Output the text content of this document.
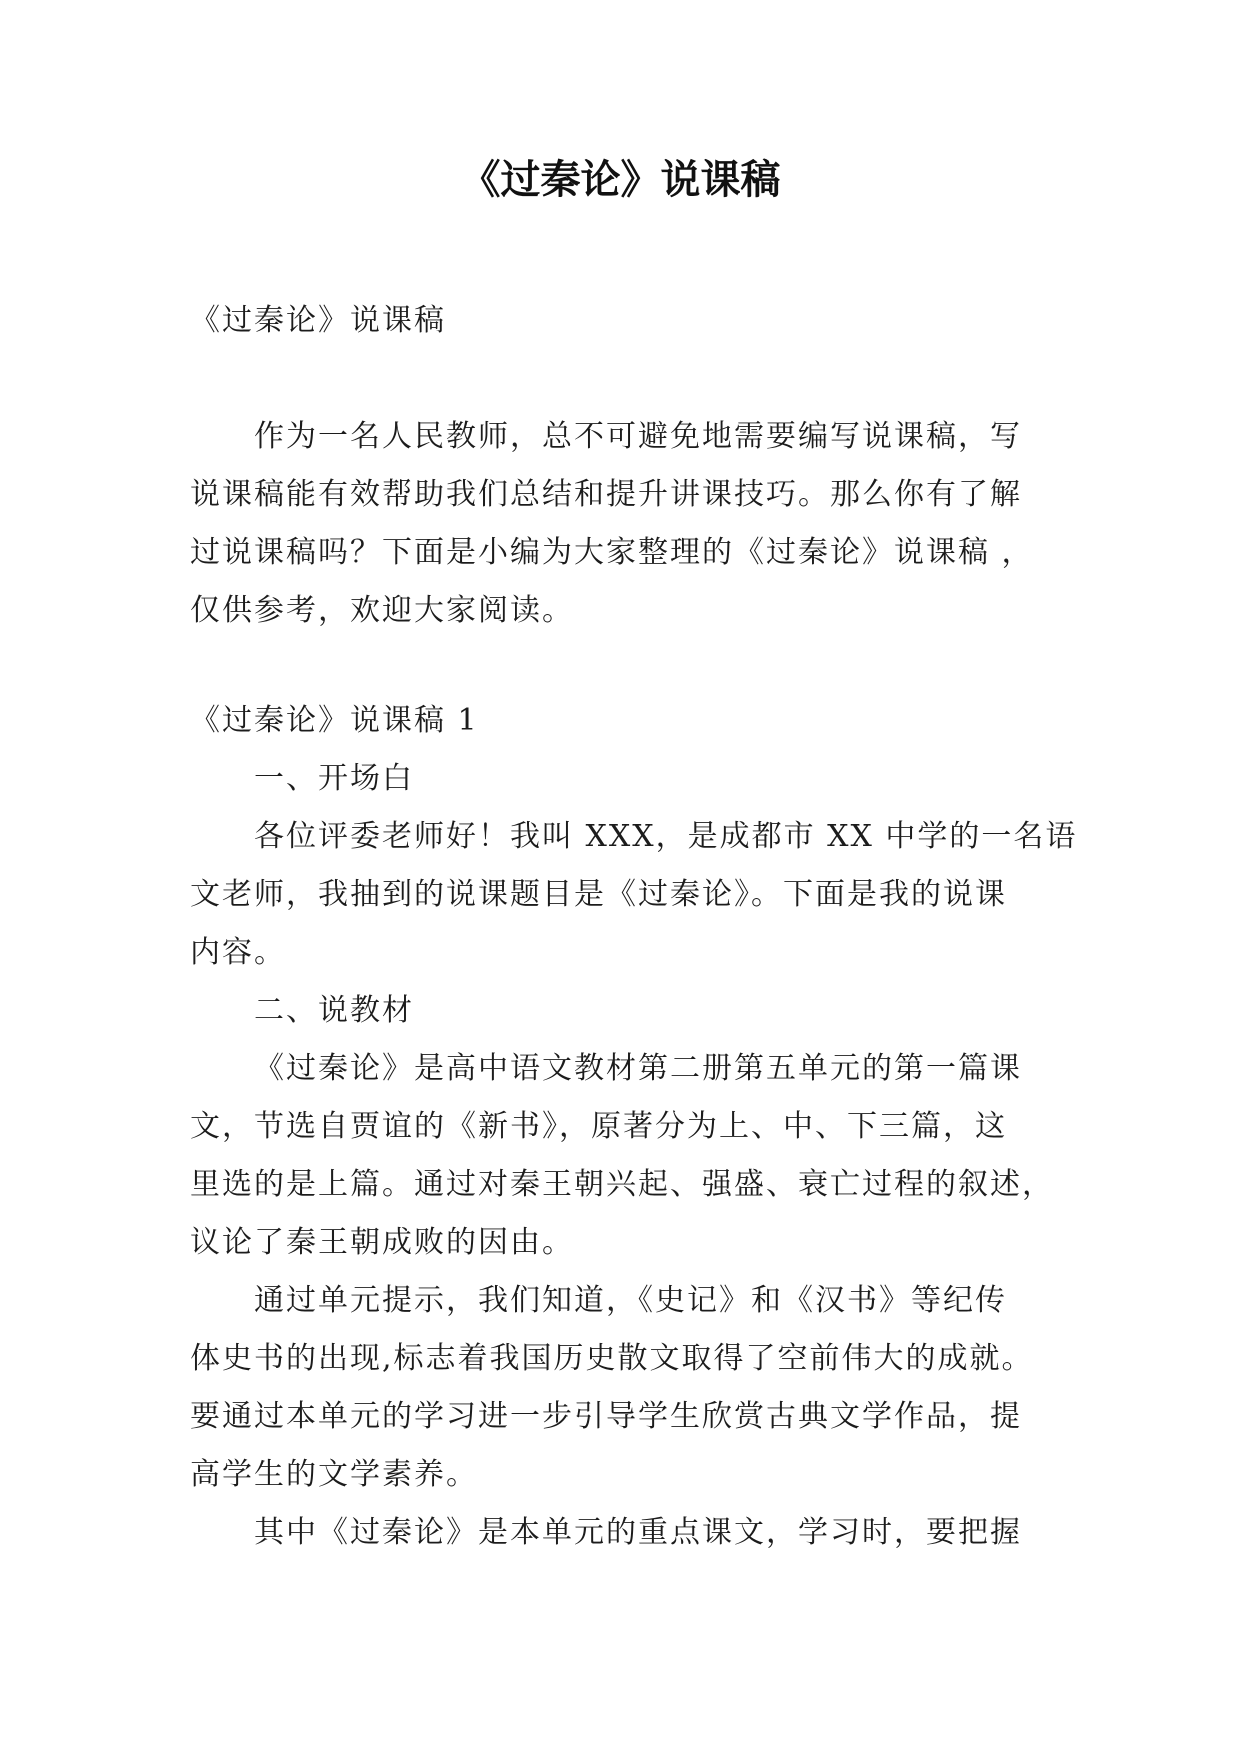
《过秦论》说课稿

《过秦论》说课稿

作为一名人民教师，总不可避免地需要编写说课稿，写

说课稿能有效帮助我们总结和提升讲课技巧。那么你有了解

过说课稿吗？下面是小编为大家整理的《过秦论》说课稿 ，

仅供参考，欢迎大家阅读。

《过秦论》说课稿 1

一、开场白

各位评委老师好！我叫 XXX，是成都市 XX 中学的一名语

文老师，我抽到的说课题目是《过秦论》。下面是我的说课

内容。

二、说教材

《过秦论》是高中语文教材第二册第五单元的第一篇课

文，节选自贾谊的《新书》，原著分为上、中、下三篇，这

里选的是上篇。通过对秦王朝兴起、强盛、衰亡过程的叙述，

议论了秦王朝成败的因由。

通过单元提示，我们知道，《史记》和《汉书》等纪传

体史书的出现,标志着我国历史散文取得了空前伟大的成就。

要通过本单元的学习进一步引导学生欣赏古典文学作品，提

高学生的文学素养。

其中《过秦论》是本单元的重点课文，学习时，要把握
